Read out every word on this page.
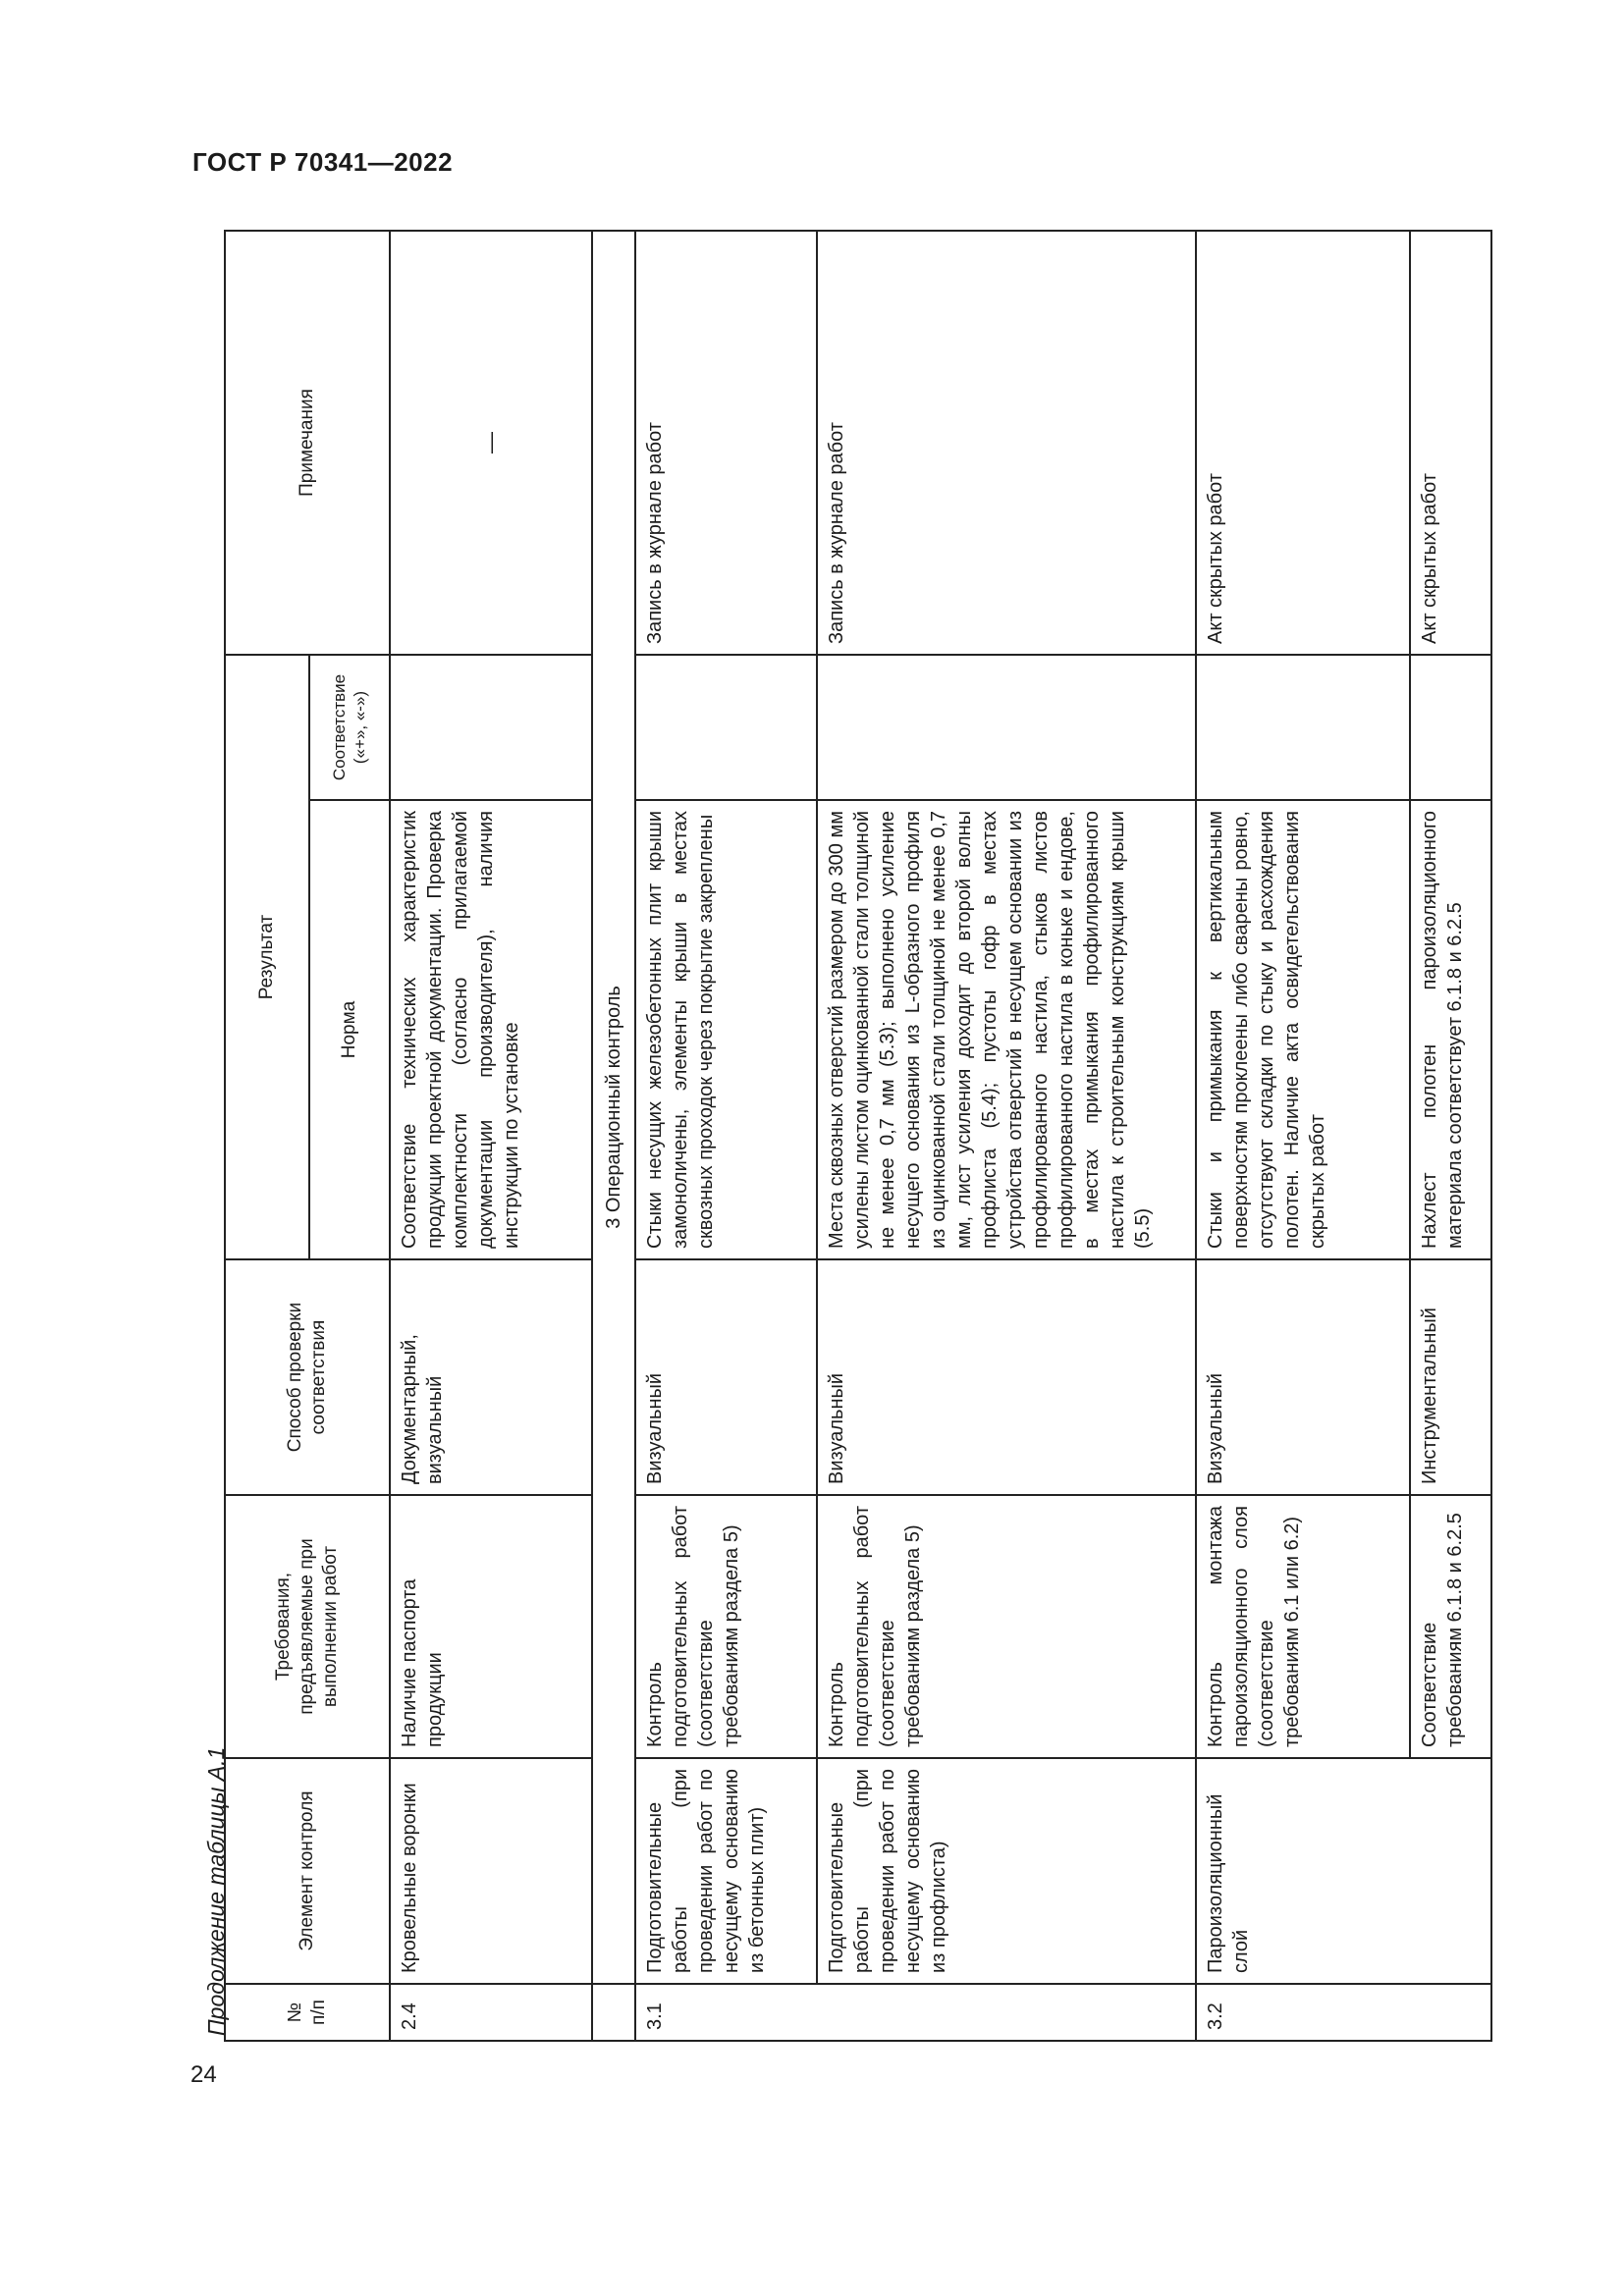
ГОСТ Р 70341—2022
Продолжение таблицы А.1
24
№ п/п	Элемент контроля	Требования, предъявляемые при выполнении работ	Способ проверки соответствия	Результат		Примечания
				Норма	Соответствие («+», «-»)	
2.4	Кровельные воронки	Наличие паспорта продукции	Документарный, визуальный	Соответствие технических характеристик продукции проектной документации. Проверка комплектности (согласно прилагаемой документации производителя), наличия инструкции по установке		—
	3 Операционный контроль					
3.1	Подготовительные работы (при проведении работ по несущему основанию из бетонных плит)	Контроль подготовительных работ (соответствие требованиям раздела 5)	Визуальный	Стыки несущих железобетонных плит крыши замоноличены, элементы крыши в местах сквозных проходок через покрытие закреплены		Запись в журнале работ
	Подготовительные работы (при проведении работ по несущему основанию из профлиста)	Контроль подготовительных работ (соответствие требованиям раздела 5)	Визуальный	Места сквозных отверстий размером до 300 мм усилены листом оцинкованной стали толщиной не менее 0,7 мм (5.3); выполнено усиление несущего основания из L-образного профиля из оцинкованной стали толщиной не менее 0,7 мм, лист усиления доходит до второй волны профлиста (5.4); пустоты гофр в местах устройства отверстий в несущем основании из профилированного настила, стыков листов профилированного настила в коньке и ендове, в местах примыкания профилированного настила к строительным конструкциям крыши (5.5)		Запись в журнале работ
3.2	Пароизоляционный слой	Контроль монтажа пароизоляционного слоя (соответствие требованиям 6.1 или 6.2)	Визуальный	Стыки и примыкания к вертикальным поверхностям проклеены либо сварены ровно, отсутствуют складки по стыку и расхождения полотен. Наличие акта освидетельствования скрытых работ		Акт скрытых работ
		Соответствие требованиям 6.1.8 и 6.2.5	Инструментальный	Нахлест полотен пароизоляционного материала соответствует 6.1.8 и 6.2.5		Акт скрытых работ
